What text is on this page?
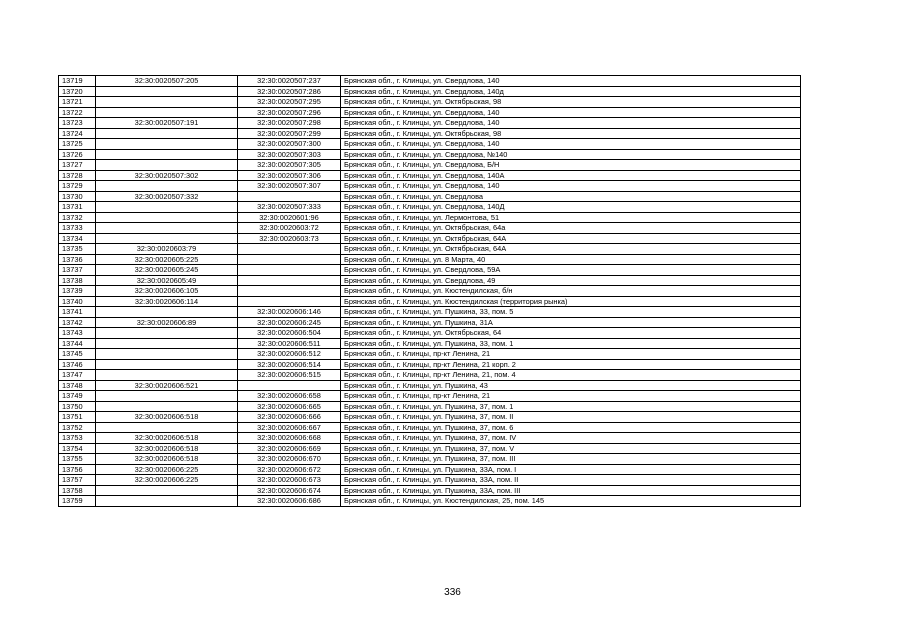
13719	32:30:0020507:205	32:30:0020507:237	Брянская обл., г. Клинцы, ул. Свердлова, 140
13720		32:30:0020507:286	Брянская обл., г. Клинцы, ул. Свердлова, 140д
13721		32:30:0020507:295	Брянская обл., г. Клинцы, ул. Октябрьская, 98
13722		32:30:0020507:296	Брянская обл., г. Клинцы, ул. Свердлова, 140
13723	32:30:0020507:191	32:30:0020507:298	Брянская обл., г. Клинцы, ул. Свердлова, 140
13724		32:30:0020507:299	Брянская обл., г. Клинцы, ул. Октябрьская, 98
13725		32:30:0020507:300	Брянская обл., г. Клинцы, ул. Свердлова, 140
13726		32:30:0020507:303	Брянская обл., г. Клинцы, ул. Свердлова, №140
13727		32:30:0020507:305	Брянская обл., г. Клинцы, ул. Свердлова, Б/Н
13728	32:30:0020507:302	32:30:0020507:306	Брянская обл., г. Клинцы, ул. Свердлова, 140А
13729		32:30:0020507:307	Брянская обл., г. Клинцы, ул. Свердлова, 140
13730	32:30:0020507:332		Брянская обл., г. Клинцы, ул. Свердлова
13731		32:30:0020507:333	Брянская обл., г. Клинцы, ул. Свердлова, 140Д
13732		32:30:0020601:96	Брянская обл., г. Клинцы, ул. Лермонтова, 51
13733		32:30:0020603:72	Брянская обл., г. Клинцы, ул. Октябрьская, 64а
13734		32:30:0020603:73	Брянская обл., г. Клинцы, ул. Октябрьская, 64А
13735	32:30:0020603:79		Брянская обл., г. Клинцы, ул. Октябрьская, 64А
13736	32:30:0020605:225		Брянская обл., г. Клинцы, ул. 8 Марта, 40
13737	32:30:0020605:245		Брянская обл., г. Клинцы, ул. Свердлова, 59А
13738	32:30:0020605:49		Брянская обл., г. Клинцы, ул. Свердлова, 49
13739	32:30:0020606:105		Брянская обл., г. Клинцы, ул. Кюстендилская, б/н
13740	32:30:0020606:114		Брянская обл., г. Клинцы, ул. Кюстендилская (территория рынка)
13741		32:30:0020606:146	Брянская обл., г. Клинцы, ул. Пушкина, 33, пом. 5
13742	32:30:0020606:89	32:30:0020606:245	Брянская обл., г. Клинцы, ул. Пушкина, 31А
13743		32:30:0020606:504	Брянская обл., г. Клинцы, ул. Октябрьская, 64
13744		32:30:0020606:511	Брянская обл., г. Клинцы, ул. Пушкина, 33, пом. 1
13745		32:30:0020606:512	Брянская обл., г. Клинцы, пр-кт Ленина, 21
13746		32:30:0020606:514	Брянская обл., г. Клинцы, пр-кт Ленина, 21 корп. 2
13747		32:30:0020606:515	Брянская обл., г. Клинцы, пр-кт Ленина, 21, пом. 4
13748	32:30:0020606:521		Брянская обл., г. Клинцы, ул. Пушкина, 43
13749		32:30:0020606:658	Брянская обл., г. Клинцы, пр-кт Ленина, 21
13750		32:30:0020606:665	Брянская обл., г. Клинцы, ул. Пушкина, 37, пом. 1
13751	32:30:0020606:518	32:30:0020606:666	Брянская обл., г. Клинцы, ул. Пушкина, 37, пом. II
13752		32:30:0020606:667	Брянская обл., г. Клинцы, ул. Пушкина, 37, пом. 6
13753	32:30:0020606:518	32:30:0020606:668	Брянская обл., г. Клинцы, ул. Пушкина, 37, пом. IV
13754	32:30:0020606:518	32:30:0020606:669	Брянская обл., г. Клинцы, ул. Пушкина, 37, пом. V
13755	32:30:0020606:518	32:30:0020606:670	Брянская обл., г. Клинцы, ул. Пушкина, 37, пом. III
13756	32:30:0020606:225	32:30:0020606:672	Брянская обл., г. Клинцы, ул. Пушкина, 33А, пом. I
13757	32:30:0020606:225	32:30:0020606:673	Брянская обл., г. Клинцы, ул. Пушкина, 33А, пом. II
13758		32:30:0020606:674	Брянская обл., г. Клинцы, ул. Пушкина, 33А, пом. III
13759		32:30:0020606:686	Брянская обл., г. Клинцы, ул. Кюстендилская, 25, пом. 145
336
